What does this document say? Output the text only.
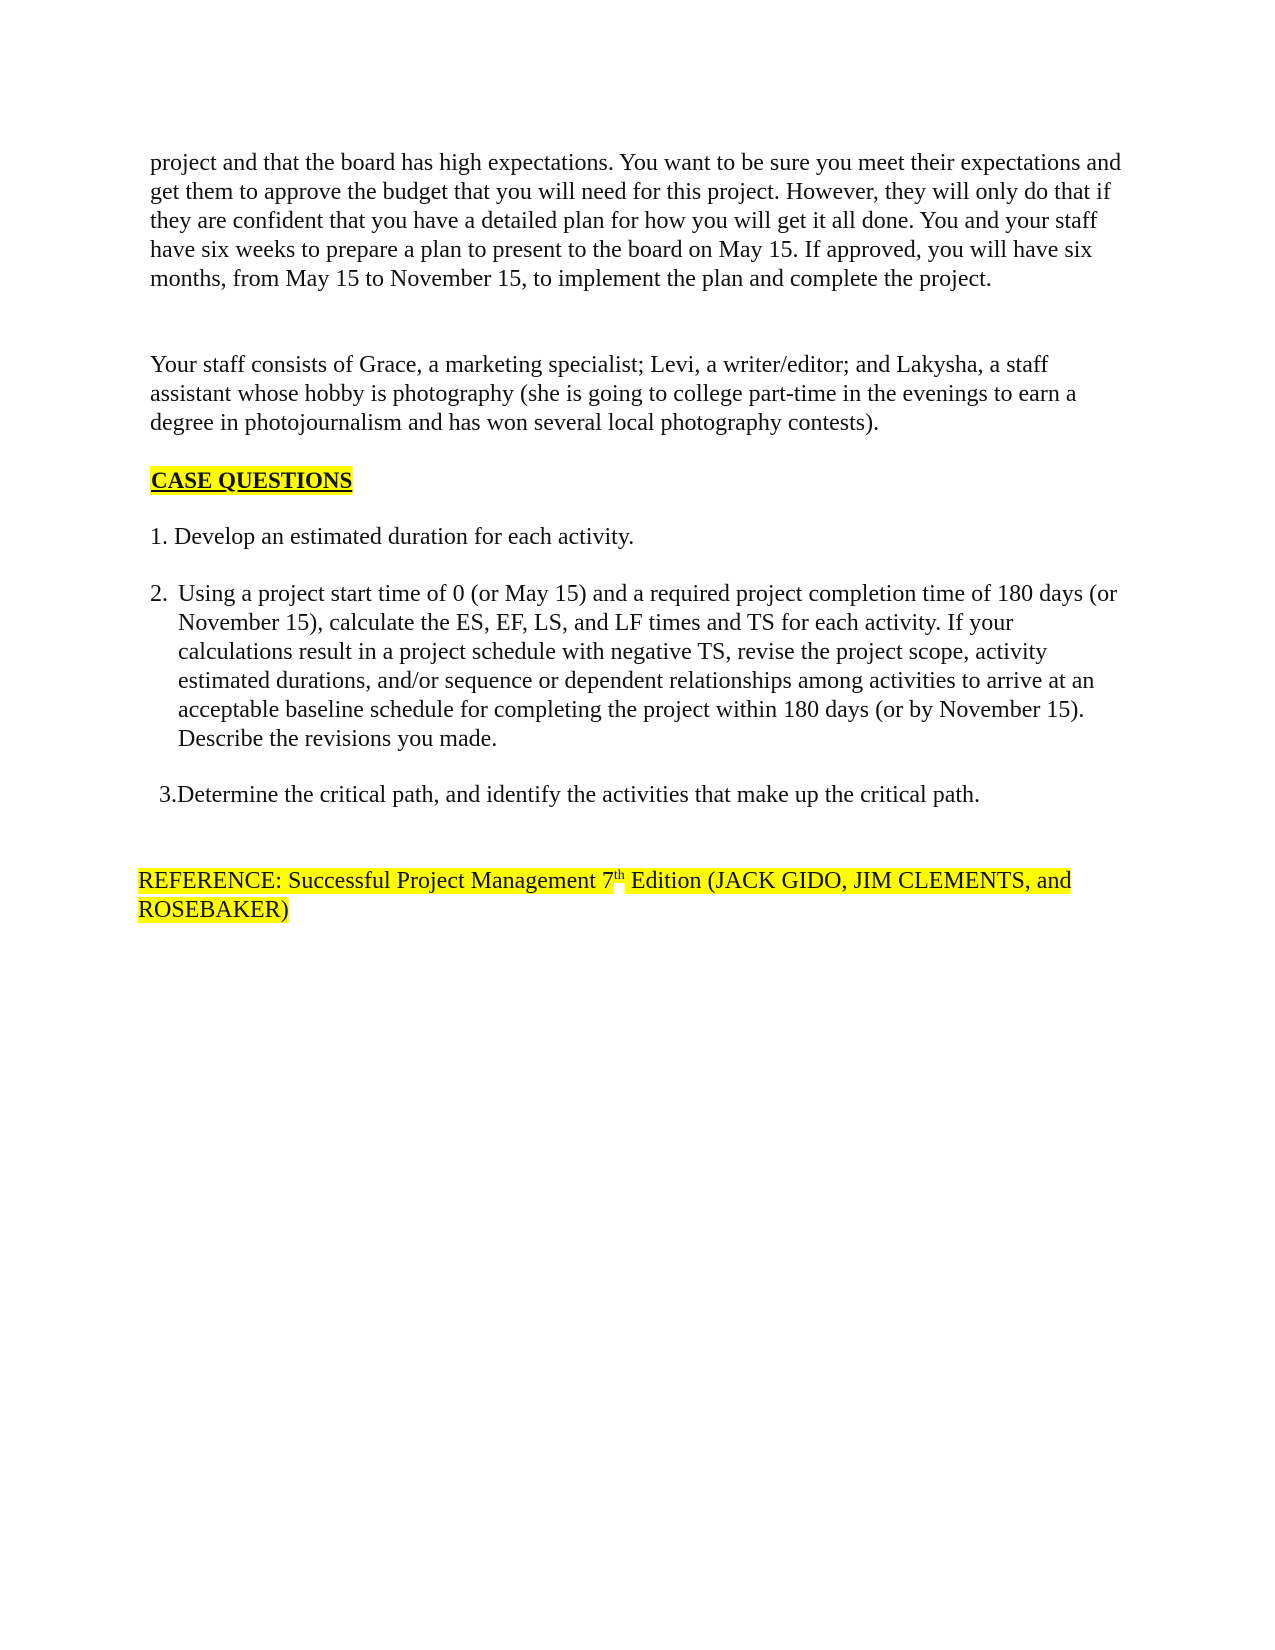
project and that the board has high expectations. You want to be sure you meet their expectations and get them to approve the budget that you will need for this project. However, they will only do that if they are confident that you have a detailed plan for how you will get it all done. You and your staff have six weeks to prepare a plan to present to the board on May 15. If approved, you will have six months, from May 15 to November 15, to implement the plan and complete the project.

Your staff consists of Grace, a marketing specialist; Levi, a writer/editor; and Lakysha, a staff assistant whose hobby is photography (she is going to college part-time in the evenings to earn a degree in photojournalism and has won several local photography contests).

CASE QUESTIONS

1. Develop an estimated duration for each activity.

2. Using a project start time of 0 (or May 15) and a required project completion time of 180 days (or November 15), calculate the ES, EF, LS, and LF times and TS for each activity. If your calculations result in a project schedule with negative TS, revise the project scope, activity estimated durations, and/or sequence or dependent relationships among activities to arrive at an acceptable baseline schedule for completing the project within 180 days (or by November 15). Describe the revisions you made.

3.Determine the critical path, and identify the activities that make up the critical path.

REFERENCE: Successful Project Management 7th Edition (JACK GIDO, JIM CLEMENTS, and ROSEBAKER)
